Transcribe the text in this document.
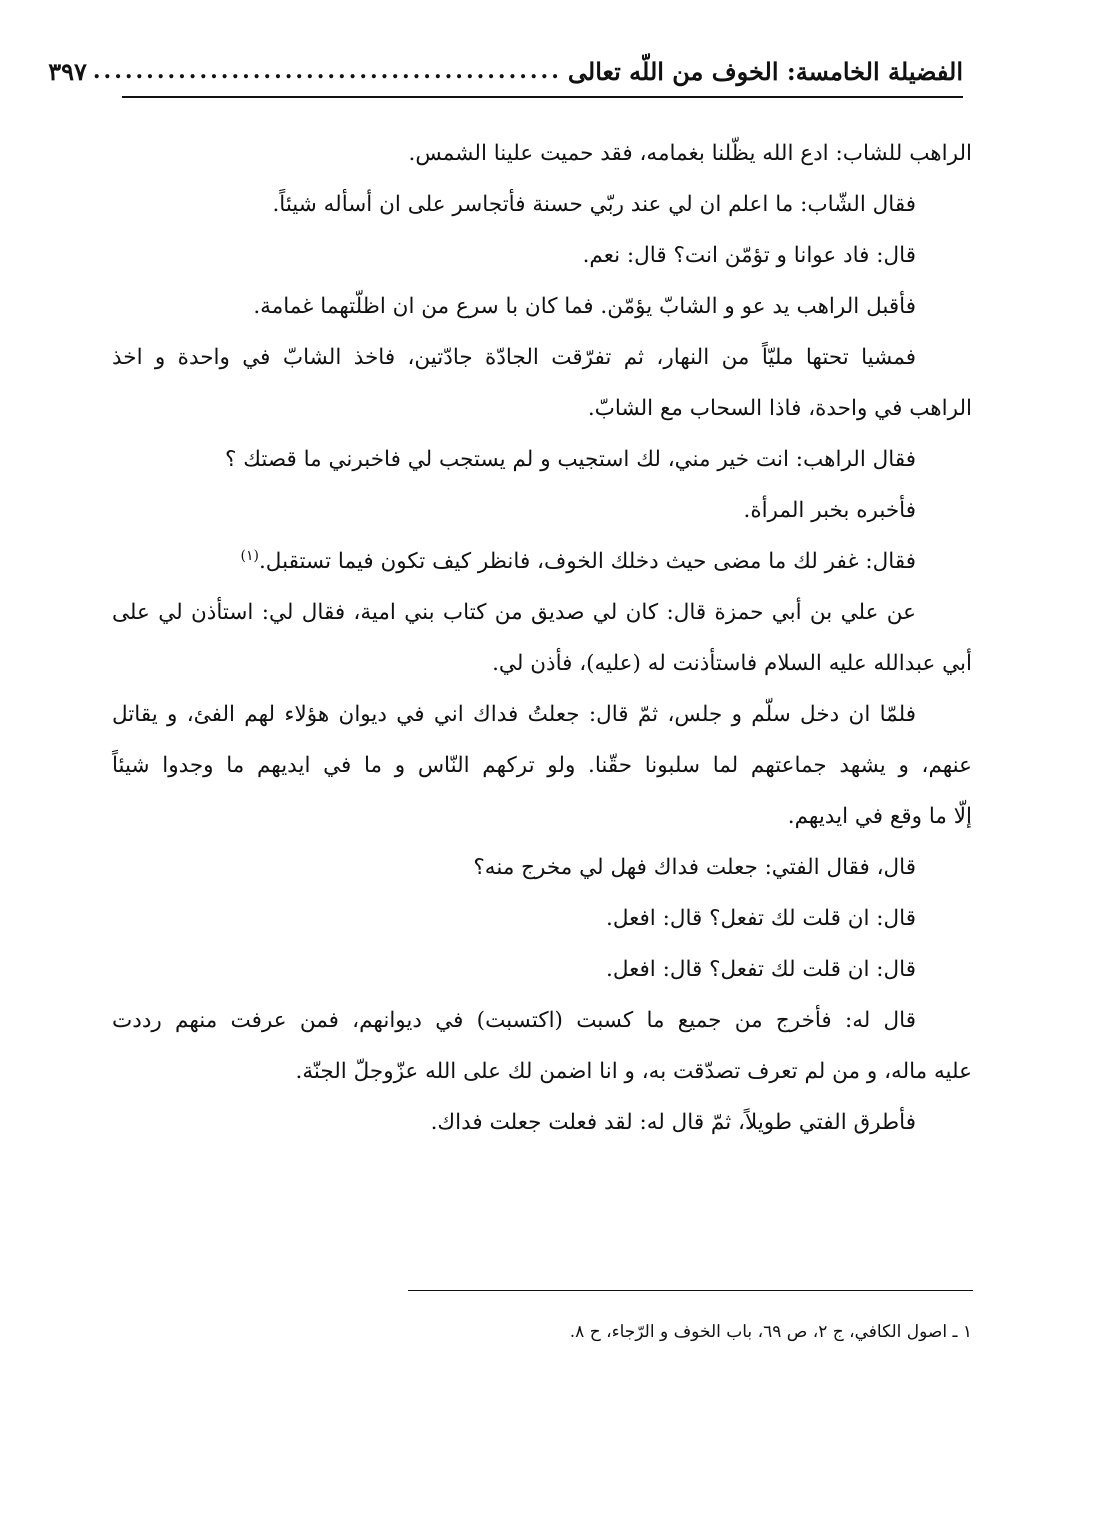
الفضيلة الخامسة: الخوف من اللّه تعالى
............................................
٣٩٧
الراهب للشاب: ادع الله يظّلنا بغمامه، فقد حميت علينا الشمس.
فقال الشّاب: ما اعلم ان لي عند ربّي حسنة فأتجاسر على ان أسأله شيئاً.
قال: فاد عوانا و تؤمّن انت؟ قال: نعم.
فأقبل الراهب يد عو و الشابّ يؤمّن. فما كان با سرع من ان اظلّتهما غمامة.
فمشيا تحتها مليّاً من النهار، ثم تفرّقت الجادّة جادّتين، فاخذ الشابّ في واحدة و اخذ
الراهب في واحدة، فاذا السحاب مع الشابّ.
فقال الراهب: انت خير مني، لك استجيب و لم يستجب لي فاخبرني ما قصتك ؟
فأخبره بخبر المرأة.
فقال: غفر لك ما مضى حيث دخلك الخوف، فانظر كيف تكون فيما تستقبل.$^{(١)}$
عن علي بن أبي حمزة قال: كان لي صديق من كتاب بني امية، فقال لي: استأذن لي على
أبي عبدالله عليه السلام فاستأذنت له (عليه)، فأذن لي.
فلمّا ان دخل سلّم و جلس، ثمّ قال: جعلتُ فداك اني في ديوان هؤلاء لهم الفئ، و يقاتل
عنهم، و يشهد جماعتهم لما سلبونا حقّنا. ولو تركهم النّاس و ما في ايديهم ما وجدوا شيئاً
إلّا ما وقع في ايديهم.
قال، فقال الفتي: جعلت فداك فهل لي مخرج منه؟
قال: ان قلت لك تفعل؟ قال: افعل.
قال: ان قلت لك تفعل؟ قال: افعل.
قال له: فأخرج من جميع ما كسبت (اكتسبت) في ديوانهم، فمن عرفت منهم رددت
عليه ماله، و من لم تعرف تصدّقت به، و انا اضمن لك على الله عزّوجلّ الجنّة.
فأطرق الفتي طويلاً، ثمّ قال له: لقد فعلت جعلت فداك.
١ ـ اصول الكافي، ج ٢، ص ٦٩، باب الخوف و الرّجاء، ح ٨.
